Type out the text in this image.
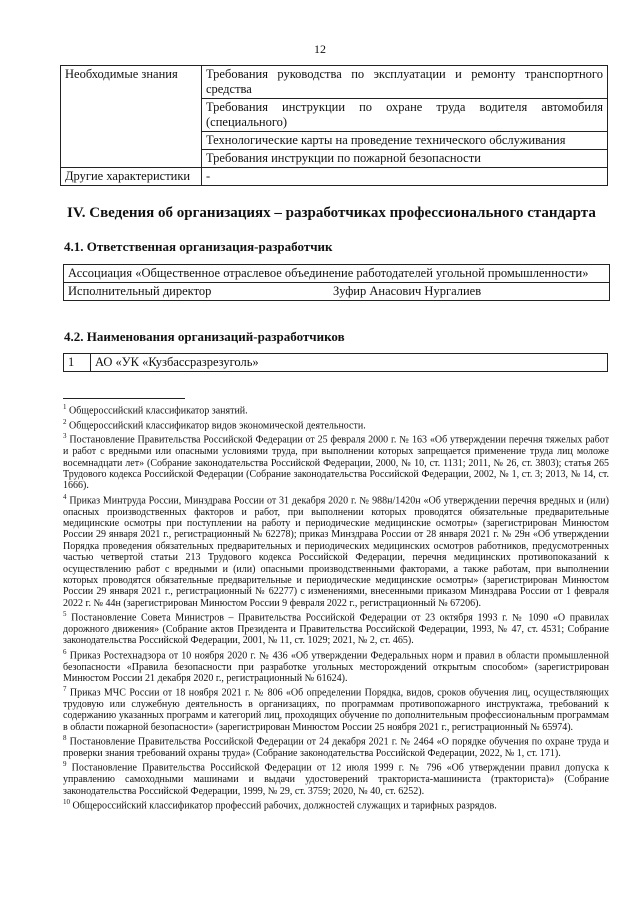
12
Необходимые знания	Требования руководства по эксплуатации и ремонту транспортного средства
	Требования инструкции по охране труда водителя автомобиля (специального)
	Технологические карты на проведение технического обслуживания
	Требования инструкции по пожарной безопасности
Другие характеристики	-
IV. Сведения об организациях – разработчиках профессионального стандарта
4.1. Ответственная организация-разработчик
Ассоциация «Общественное отраслевое объединение работодателей угольной промышленности»
Исполнительный директор	Зуфир Анасович Нургалиев
4.2. Наименования организаций-разработчиков
1	АО «УК «Кузбассразрезуголь»

$^1$ Общероссийский классификатор занятий.

$^2$ Общероссийский классификатор видов экономической деятельности.

$^3$ Постановление Правительства Российской Федерации от 25 февраля 2000 г. № 163 «Об утверждении перечня тяжелых работ и работ с вредными или опасными условиями труда, при выполнении которых запрещается применение труда лиц моложе восемнадцати лет» (Собрание законодательства Российской Федерации, 2000, № 10, ст. 1131; 2011, № 26, ст. 3803); статья 265 Трудового кодекса Российской Федерации (Собрание законодательства Российской Федерации, 2002, № 1, ст. 3; 2013, № 14, ст. 1666).

$^4$ Приказ Минтруда России, Минздрава России от 31 декабря 2020 г. № 988н/1420н «Об утверждении перечня вредных и (или) опасных производственных факторов и работ, при выполнении которых проводятся обязательные предварительные медицинские осмотры при поступлении на работу и периодические медицинские осмотры» (зарегистрирован Минюстом России 29 января 2021 г., регистрационный № 62278); приказ Минздрава России от 28 января 2021 г. № 29н «Об утверждении Порядка проведения обязательных предварительных и периодических медицинских осмотров работников, предусмотренных частью четвертой статьи 213 Трудового кодекса Российской Федерации, перечня медицинских противопоказаний к осуществлению работ с вредными и (или) опасными производственными факторами, а также работам, при выполнении которых проводятся обязательные предварительные и периодические медицинские осмотры» (зарегистрирован Минюстом России 29 января 2021 г., регистрационный № 62277) с изменениями, внесенными приказом Минздрава России от 1 февраля 2022 г. № 44н (зарегистрирован Минюстом России 9 февраля 2022 г., регистрационный № 67206).

$^5$ Постановление Совета Министров – Правительства Российской Федерации от 23 октября 1993 г. № 1090 «О правилах дорожного движения» (Собрание актов Президента и Правительства Российской Федерации, 1993, № 47, ст. 4531; Собрание законодательства Российской Федерации, 2001, № 11, ст. 1029; 2021, № 2, ст. 465).

$^6$ Приказ Ростехнадзора от 10 ноября 2020 г. № 436 «Об утверждении Федеральных норм и правил в области промышленной безопасности «Правила безопасности при разработке угольных месторождений открытым способом» (зарегистрирован Минюстом России 21 декабря 2020 г., регистрационный № 61624).

$^7$ Приказ МЧС России от 18 ноября 2021 г. № 806 «Об определении Порядка, видов, сроков обучения лиц, осуществляющих трудовую или служебную деятельность в организациях, по программам противопожарного инструктажа, требований к содержанию указанных программ и категорий лиц, проходящих обучение по дополнительным профессиональным программам в области пожарной безопасности» (зарегистрирован Минюстом России 25 ноября 2021 г., регистрационный № 65974).

$^8$ Постановление Правительства Российской Федерации от 24 декабря 2021 г. № 2464 «О порядке обучения по охране труда и проверки знания требований охраны труда» (Собрание законодательства Российской Федерации, 2022, № 1, ст. 171).

$^9$ Постановление Правительства Российской Федерации от 12 июля 1999 г. № 796 «Об утверждении правил допуска к управлению самоходными машинами и выдачи удостоверений тракториста-машиниста (тракториста)» (Собрание законодательства Российской Федерации, 1999, № 29, ст. 3759; 2020, № 40, ст. 6252).

$^{10}$ Общероссийский классификатор профессий рабочих, должностей служащих и тарифных разрядов.
